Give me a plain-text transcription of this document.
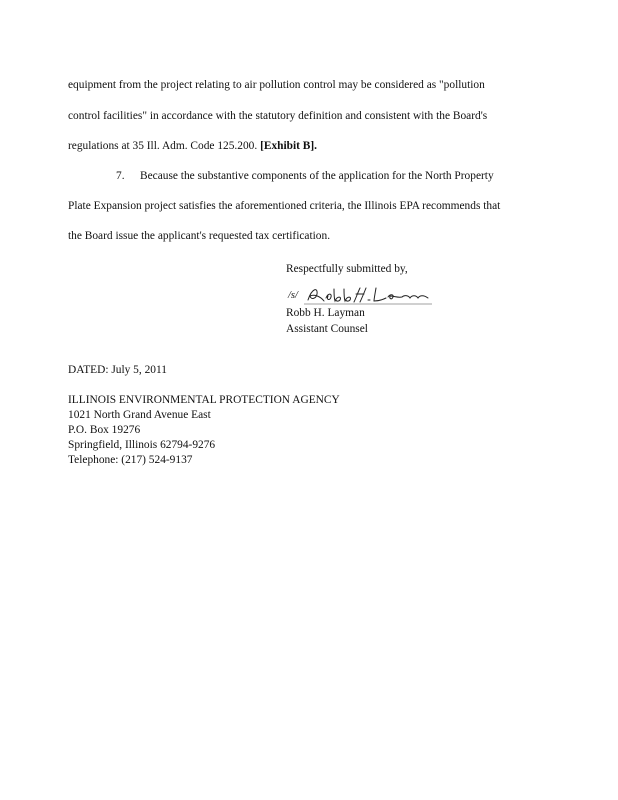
equipment from the project relating to air pollution control may be considered as "pollution
control facilities" in accordance with the statutory definition and consistent with the Board's
regulations at 35 Ill. Adm. Code 125.200. [Exhibit B].
7. Because the substantive components of the application for the North Property
Plate Expansion project satisfies the aforementioned criteria, the Illinois EPA recommends that
the Board issue the applicant's requested tax certification.
Respectfully submitted by,
/s/
Robb H. Layman
Assistant Counsel
DATED: July 5, 2011
ILLINOIS ENVIRONMENTAL PROTECTION AGENCY
1021 North Grand Avenue East
P.O. Box 19276
Springfield, Illinois 62794-9276
Telephone: (217) 524-9137
